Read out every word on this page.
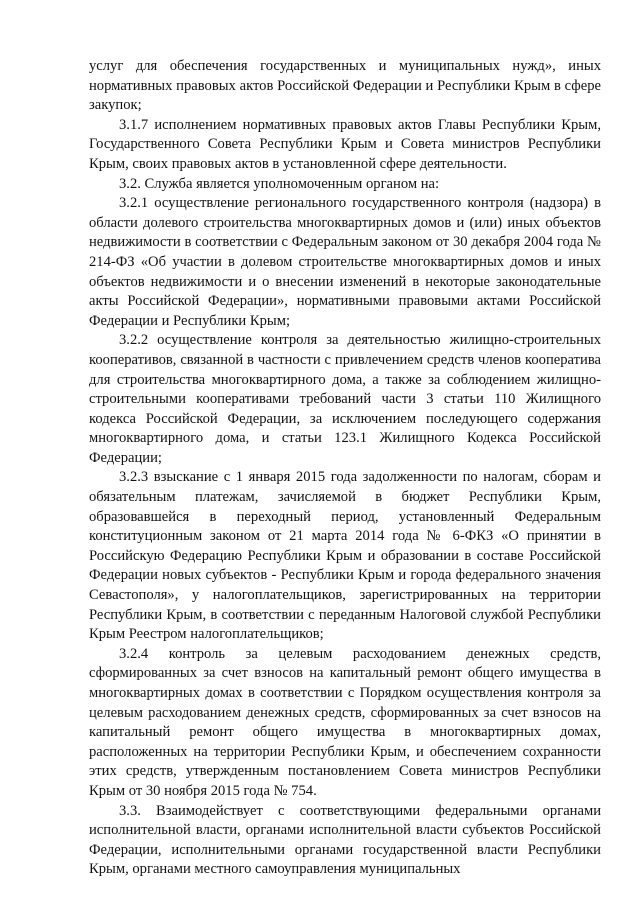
услуг для обеспечения государственных и муниципальных нужд», иных нормативных правовых актов Российской Федерации и Республики Крым в сфере закупок;

3.1.7 исполнением нормативных правовых актов Главы Республики Крым, Государственного Совета Республики Крым и Совета министров Республики Крым, своих правовых актов в установленной сфере деятельности.

3.2. Служба является уполномоченным органом на:

3.2.1 осуществление регионального государственного контроля (надзора) в области долевого строительства многоквартирных домов и (или) иных объектов недвижимости в соответствии с Федеральным законом от 30 декабря 2004 года № 214-ФЗ «Об участии в долевом строительстве многоквартирных домов и иных объектов недвижимости и о внесении изменений в некоторые законодательные акты Российской Федерации», нормативными правовыми актами Российской Федерации и Республики Крым;

3.2.2 осуществление контроля за деятельностью жилищно-строительных кооперативов, связанной в частности с привлечением средств членов кооператива для строительства многоквартирного дома, а также за соблюдением жилищно-строительными кооперативами требований части 3 статьи 110 Жилищного кодекса Российской Федерации, за исключением последующего содержания многоквартирного дома, и статьи 123.1 Жилищного Кодекса Российской Федерации;

3.2.3 взыскание с 1 января 2015 года задолженности по налогам, сборам и обязательным платежам, зачисляемой в бюджет Республики Крым, образовавшейся в переходный период, установленный Федеральным конституционным законом от 21 марта 2014 года № 6-ФКЗ «О принятии в Российскую Федерацию Республики Крым и образовании в составе Российской Федерации новых субъектов - Республики Крым и города федерального значения Севастополя», у налогоплательщиков, зарегистрированных на территории Республики Крым, в соответствии с переданным Налоговой службой Республики Крым Реестром налогоплательщиков;

3.2.4 контроль за целевым расходованием денежных средств, сформированных за счет взносов на капитальный ремонт общего имущества в многоквартирных домах в соответствии с Порядком осуществления контроля за целевым расходованием денежных средств, сформированных за счет взносов на капитальный ремонт общего имущества в многоквартирных домах, расположенных на территории Республики Крым, и обеспечением сохранности этих средств, утвержденным постановлением Совета министров Республики Крым от 30 ноября 2015 года № 754.

3.3. Взаимодействует с соответствующими федеральными органами исполнительной власти, органами исполнительной власти субъектов Российской Федерации, исполнительными органами государственной власти Республики Крым, органами местного самоуправления муниципальных
